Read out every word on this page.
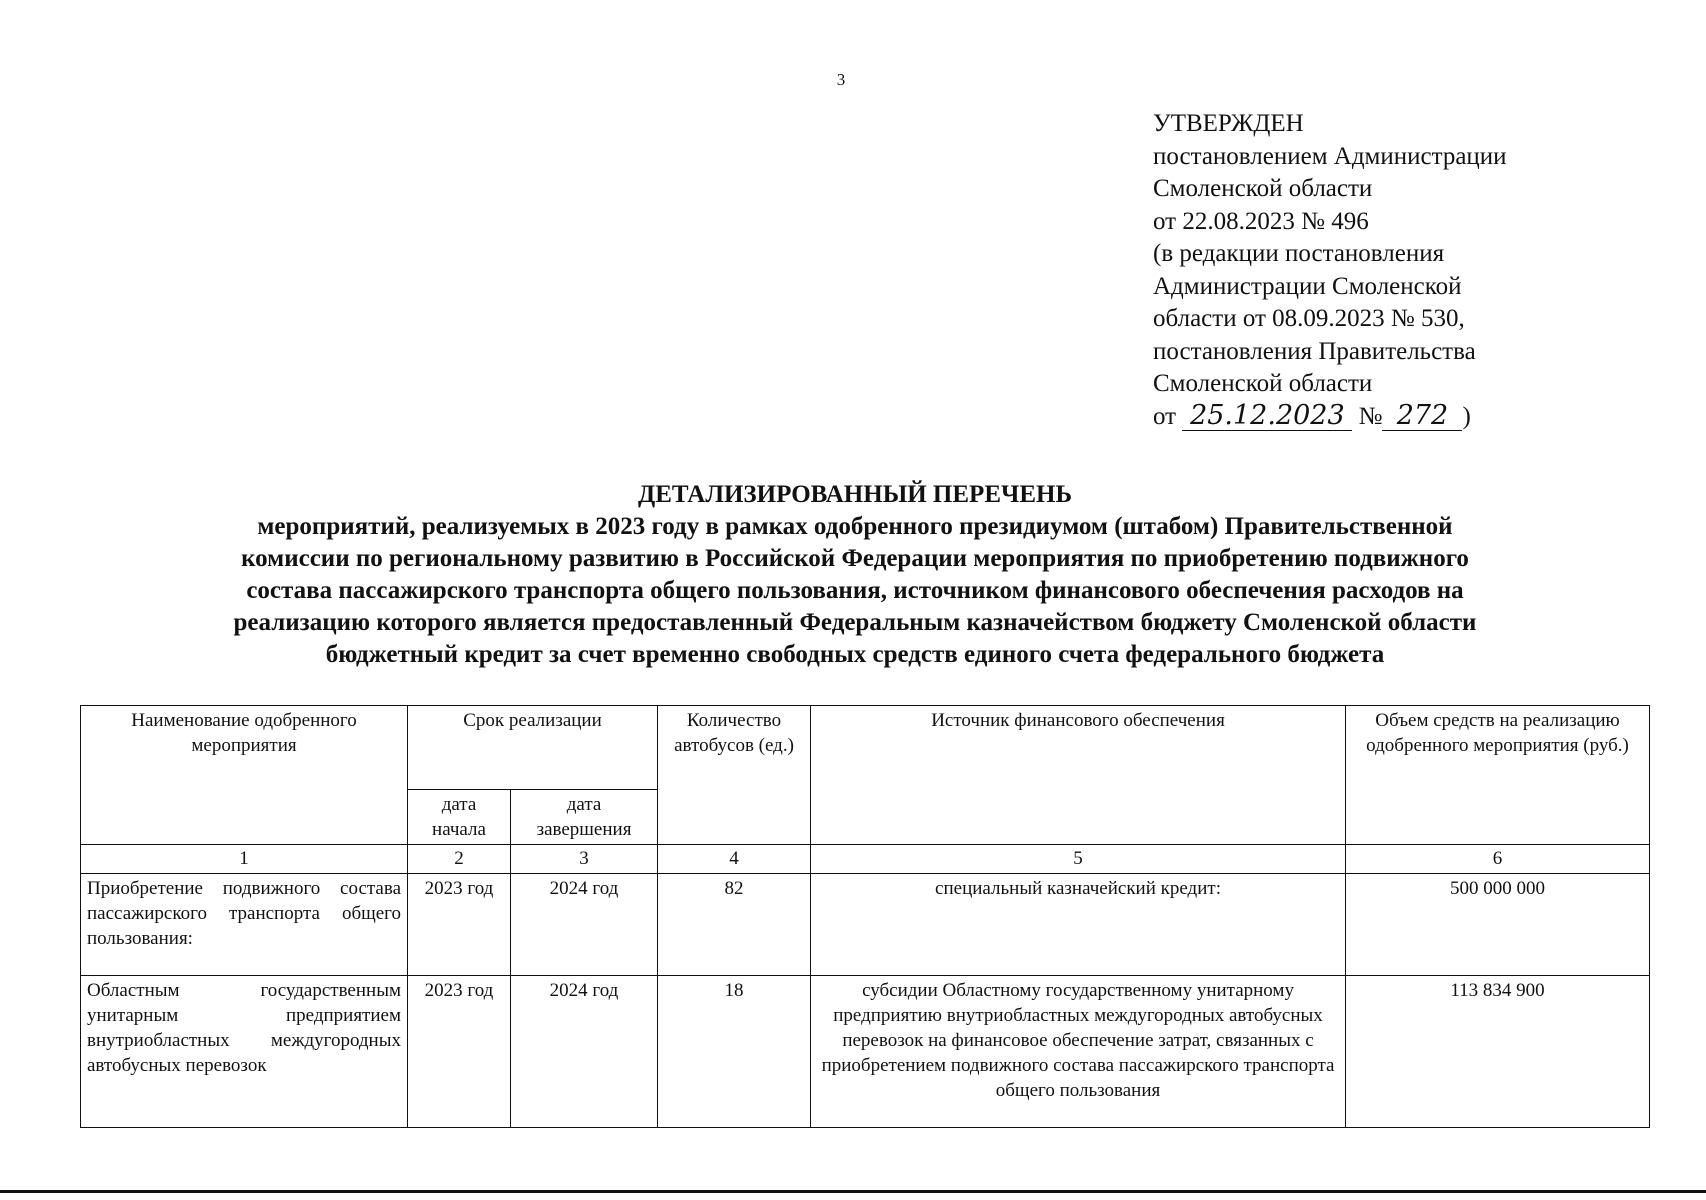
3
УТВЕРЖДЕН
постановлением Администрации
Смоленской области
от 22.08.2023 № 496
(в редакции постановления
Администрации Смоленской
области от 08.09.2023 № 530,
постановления Правительства
Смоленской области
от 25.12.2023 № 272 )
ДЕТАЛИЗИРОВАННЫЙ ПЕРЕЧЕНЬ
мероприятий, реализуемых в 2023 году в рамках одобренного президиумом (штабом) Правительственной
комиссии по региональному развитию в Российской Федерации мероприятия по приобретению подвижного
состава пассажирского транспорта общего пользования, источником финансового обеспечения расходов на
реализацию которого является предоставленный Федеральным казначейством бюджету Смоленской области
бюджетный кредит за счет временно свободных средств единого счета федерального бюджета
Наименование одобренного мероприятия	Срок реализации		Количество автобусов (ед.)	Источник финансового обеспечения	Объем средств на реализацию одобренного мероприятия (руб.)
	дата начала	дата завершения			
1	2	3	4	5	6
Приобретение подвижного состава пассажирского транспорта общего пользования:	2023 год	2024 год	82	специальный казначейский кредит:	500 000 000
Областным государственным унитарным предприятием внутриобластных междугородных автобусных перевозок	2023 год	2024 год	18	субсидии Областному государственному унитарному предприятию внутриобластных междугородных автобусных перевозок на финансовое обеспечение затрат, связанных с приобретением подвижного состава пассажирского транспорта общего пользования	113 834 900
